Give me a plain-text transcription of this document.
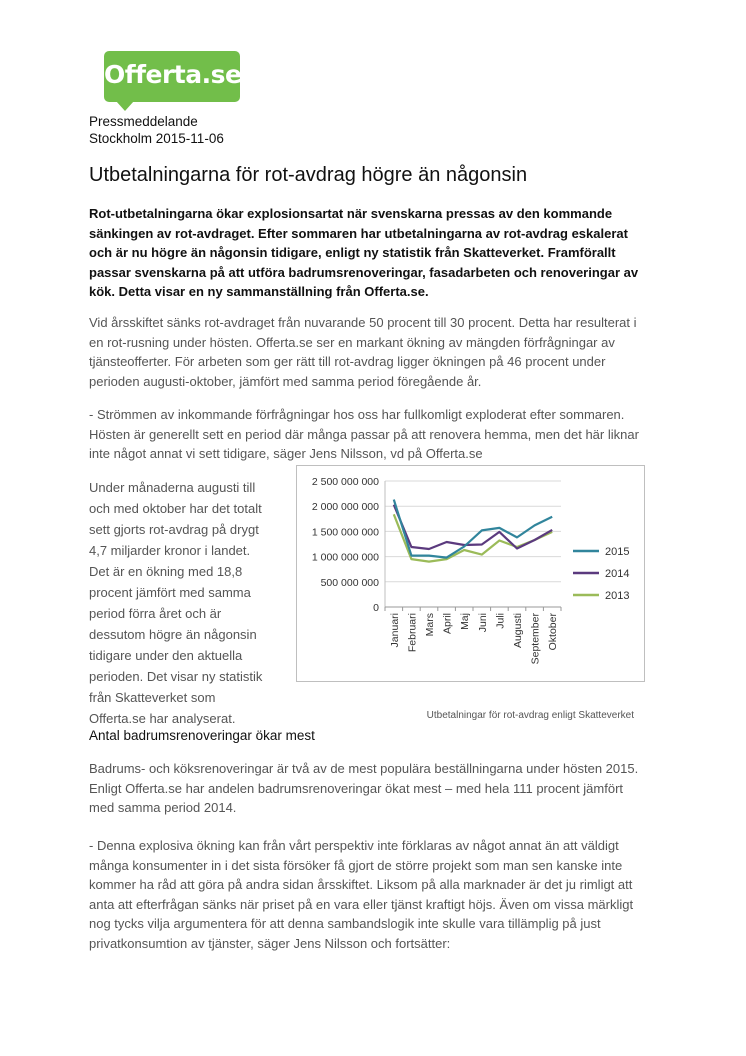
Offerta.se
Pressmeddelande
Stockholm 2015-11-06
Utbetalningarna för rot-avdrag högre än någonsin

Rot-utbetalningarna ökar explosionsartat när svenskarna pressas av den kommande sänkingen av rot-avdraget. Efter sommaren har utbetalningarna av rot-avdrag eskalerat och är nu högre än någonsin tidigare, enligt ny statistik från Skatteverket. Framförallt passar svenskarna på att utföra badrumsrenoveringar, fasadarbeten och renoveringar av kök. Detta visar en ny sammanställning från Offerta.se.

Vid årsskiftet sänks rot-avdraget från nuvarande 50 procent till 30 procent. Detta har resulterat i en rot-rusning under hösten. Offerta.se ser en markant ökning av mängden förfrågningar av tjänsteofferter. För arbeten som ger rätt till rot-avdrag ligger ökningen på 46 procent under perioden augusti-oktober, jämfört med samma period föregående år.

- Strömmen av inkommande förfrågningar hos oss har fullkomligt exploderat efter sommaren. Hösten är generellt sett en period där många passar på att renovera hemma, men det här liknar inte något annat vi sett tidigare, säger Jens Nilsson, vd på Offerta.se

Under månaderna augusti till och med oktober har det totalt sett gjorts rot-avdrag på drygt 4,7 miljarder kronor i landet. Det är en ökning med 18,8 procent jämfört med samma period förra året och är dessutom högre än någonsin tidigare under den aktuella perioden. Det visar ny statistik från Skatteverket som Offerta.se har analyserat.

0
500 000 000
1 000 000 000
1 500 000 000
2 000 000 000
2 500 000 000
Januari Februari Mars April Maj Juni Juli Augusti September Oktober
2015
2014
2013

Utbetalningar för rot-avdrag enligt Skatteverket

Antal badrumsrenoveringar ökar mest

Badrums- och köksrenoveringar är två av de mest populära beställningarna under hösten 2015. Enligt Offerta.se har andelen badrumsrenoveringar ökat mest – med hela 111 procent jämfört med samma period 2014.

- Denna explosiva ökning kan från vårt perspektiv inte förklaras av något annat än att väldigt många konsumenter in i det sista försöker få gjort de större projekt som man sen kanske inte kommer ha råd att göra på andra sidan årsskiftet. Liksom på alla marknader är det ju rimligt att anta att efterfrågan sänks när priset på en vara eller tjänst kraftigt höjs. Även om vissa märkligt nog tycks vilja argumentera för att denna sambandslogik inte skulle vara tillämplig på just privatkonsumtion av tjänster, säger Jens Nilsson och fortsätter:
